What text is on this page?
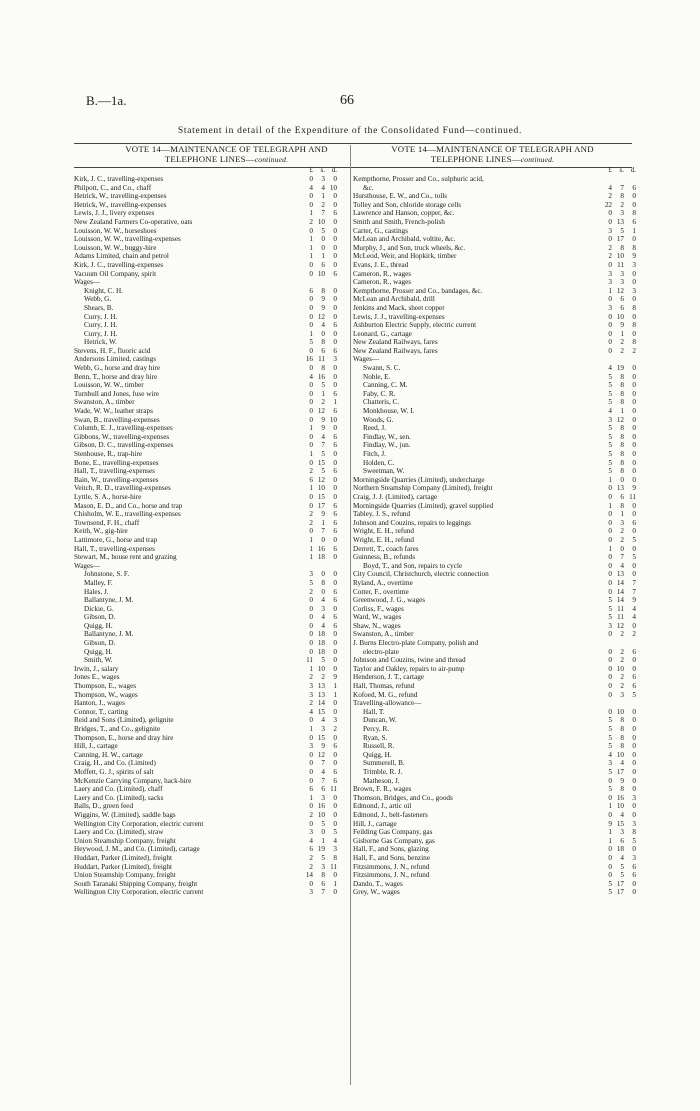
B.—1a.	66
Statement in detail of the Expenditure of the Consolidated Fund—continued.
VOTE 14—MAINTENANCE OF TELEGRAPH AND
TELEPHONE LINES—continued.
£	s. d.
Kirk, J. C., travelling-expenses	0	3	0
Philpott, C., and Co., chaff	4	4 10
Hetrick, W., travelling-expenses	0	1	0
Hetrick, W., travelling-expenses	0	2	0
Lewis, J. J., livery expenses	1	7	6
New Zealand Farmers Co-operative, oats	2 10	0
Louisson, W. W., horseshoes	0	5	0
Louisson, W. W., travelling-expenses	1	0	0
Louisson, W. W., buggy-hire	1	0	0
Adams Limited, chain and petrol	1	1	0
Kirk, J. C., travelling-expenses	0	6	0
Vacuum Oil Company, spirit	0 10	6
Wages—
Knight, C. H.	6	8	0
Webb, G.	0	9	0
Shears, B.	0	9	0
Curry, J. H.	0 12	0
Curry, J. H.	0	4	6
Curry, J. H.	1	0	0
Hetrick, W.	5	8	0
Stevens, H. F., fluoric acid	0	6	6
Andersons Limited, castings	16 11	3
Webb, G., horse and dray hire	0	8	0
Benn, T., horse and dray hire	4 16	0
Louisson, W. W., timber	0	5	0
Turnbull and Jones, fuse wire	0	1	6
Swanston, A., timber	0	2	1
Wade, W. W., leather straps	0 12	6
Swan, B., travelling-expenses	0	9 10
Columb, E. J., travelling-expenses	1	9	0
Gibbons, W., travelling-expenses	0	4	6
Gibson, D. C., travelling-expenses	0	7	6
Stenhouse, R., trap-hire	1	5	0
Bone, E., travelling-expenses	0 15	0
Hall, T., travelling-expenses	2	5	6
Bain, W., travelling-expenses	6 12	0
Veitch, R. D., travelling-expenses	1 10	0
Lyttle, S. A., horse-hire	0 15	0
Mason, E. D., and Co., horse and trap	0 17	6
Chisholm, W. E., travelling-expenses	2	9	6
Townsend, F. H., chaff	2	1	6
Keith, W., gig-hire	0	7	6
Lattimore, G., horse and trap	1	0	0
Hall, T., travelling-expenses	1 16	6
Stewart, M., house rent and grazing	1 18	0
Wages—
Johnstone, S. F.	3	0	0
Malley, F.	5	8	0
Hales, J.	2	0	6
Ballantyne, J. M.	0	4	6
Dickie, G.	0	3	0
Gibson, D.	0	4	6
Quigg, H.	0	4	6
Ballantyne, J. M.	0 18	0
Gibson, D.	0 18	0
Quigg, H.	0 18	0
Smith, W.	11	5	0
Irwin, J., salary	1 10	0
Jones E., wages	2	2	9
Thompson, E., wages	3 13	1
Thompson, W., wages	3 13	1
Hanton, J., wages	2 14	0
Connor, T., carting	4 15	0
Reid and Sons (Limited), gelignite	0	4	3
Bridges, T., and Co., gelignite	1	3	2
Thompson, E., horse and dray hire	0 15	0
Hill, J., cartage	3	9	6
Canning, H. W., cartage	0 12	0
Craig, H., and Co. (Limited)	0	7	0
Moffett, G. J., spirits of salt	0	4	6
McKenzie Carrying Company, hack-hire	0	7	6
Laery and Co. (Limited), chaff	6	6 11
Laery and Co. (Limited), sacks	1	3	0
Balls, D., green feed	0 16	0
Wiggins, W. (Limited), saddle bags	2 10	0
Wellington City Corporation, electric current	0	5	0
Laery and Co. (Limited), straw	3	0	5
Union Steamship Company, freight	4	1	4
Heywood, J. M., and Co. (Limited), cartage	6 19	3
Huddart, Parker (Limited), freight	2	5	8
Huddart, Parker (Limited), freight	2	3 11
Union Steamship Company, freight	14	8	0
South Taranaki Shipping Company, freight	0	6	1
Wellington City Corporation, electric current	3	7	0
VOTE 14—MAINTENANCE OF TELEGRAPH AND
TELEPHONE LINES—continued.
£	s. d.
Kempthorne, Prosser and Co., sulphuric acid,
&c.	4	7	6
Hursthouse, E. W., and Co., tolls	2	8	0
Tolley and Son, chloride storage cells	22	2	0
Lawrence and Hanson, copper, &c.	0	3	8
Smith and Smith, French-polish	0 13	6
Carter, G., castings	3	5	1
McLean and Archibald, voltite, &c.	0 17	0
Murphy, J., and Son, truck wheels, &c.	2	8	8
McLeod, Weir, and Hopkirk, timber	2 10	9
Evans, J. E., thread	0 11	3
Cameron, R., wages	3	3	0
Cameron, R., wages	3	3	0
Kempthorne, Prosser and Co., bandages, &c.	1 12	3
McLean and Archibald, drill	0	6	0
Jenkins and Mack, sheet copper	3	6	8
Lewis, J. J., travelling-expenses	0 10	0
Ashburton Electric Supply, electric current	0	9	8
Leonard, G., cartage	0	1	0
New Zealand Railways, fares	0	2	8
New Zealand Railways, fares	0	2	2
Wages—
Swann, S. C.	4 19	0
Noble, E.	5	8	0
Canning, C. M.	5	8	0
Faby, C. R.	5	8	0
Chatteris, C.	5	8	0
Monkhouse, W. I.	4	1	0
Woods, G.	3 12	0
Reed, J.	5	8	0
Findlay, W., sen.	5	8	0
Findlay, W., jun.	5	8	0
Fitch, J.	5	8	0
Holden, C.	5	8	0
Sweetman, W.	5	8	0
Morningside Quarries (Limited), undercharge	1	0	0
Northern Steamship Company (Limited), freight	0 13	9
Craig, J. J. (Limited), cartage	0	6 11
Morningside Quarries (Limited), gravel supplied	1	8	0
Tabley, J. S., refund	0	1	0
Johnson and Couzins, repairs to leggings	0	3	6
Wright, E. H., refund	0	2	0
Wright, E. H., refund	0	2	5
Derrett, T., coach fares	1	0	0
Guinness, B., refunds	0	7	5
Boyd, T., and Son, repairs to cycle	0	4	0
City Council, Christchurch, electric connection	0 13	0
Ryland, A., overtime	0 14	7
Cotter, F., overtime	0 14	7
Greenwood, J. G., wages	5 14	9
Corliss, F., wages	5 11	4
Ward, W., wages	5 11	4
Shaw, N., wages	3 12	0
Swanston, A., timber	0	2	2
J. Burns Electro-plate Company, polish and
electro-plate	0	2	6
Johnson and Couzins, twine and thread	0	2	0
Taylor and Oakley, repairs to air-pump	0 10	0
Henderson, J. T., cartage	0	2	6
Hall, Thomas, refund	0	2	6
Kofoed, M. G., refund	0	3	5
Travelling-allowance—
Hall, T.	0 10	0
Duncan, W.	5	8	0
Percy, R.	5	8	0
Ryan, S.	5	8	0
Russell, R.	5	8	0
Quigg, H.	4 10	0
Summerell, B.	3	4	0
Trimble, R. J.	5 17	0
Matheson, J.	0	9	0
Brown, F. R., wages	5	8	0
Thomson, Bridges, and Co., goods	0 16	3
Edmond, J., artic oil	1 10	0
Edmond, J., belt-fasteners	0	4	0
Hill, J., cartage	9 15	3
Feilding Gas Company, gas	1	3	8
Gisborne Gas Company, gas	1	6	5
Hall, F., and Sons, glazing	0 18	0
Hall, F., and Sons, benzine	0	4	3
Fitzsimmons, J. N., refund	0	5	6
Fitzsimmons, J. N., refund	0	5	6
Dando, T., wages	5 17	0
Grey, W., wages	5 17	0
